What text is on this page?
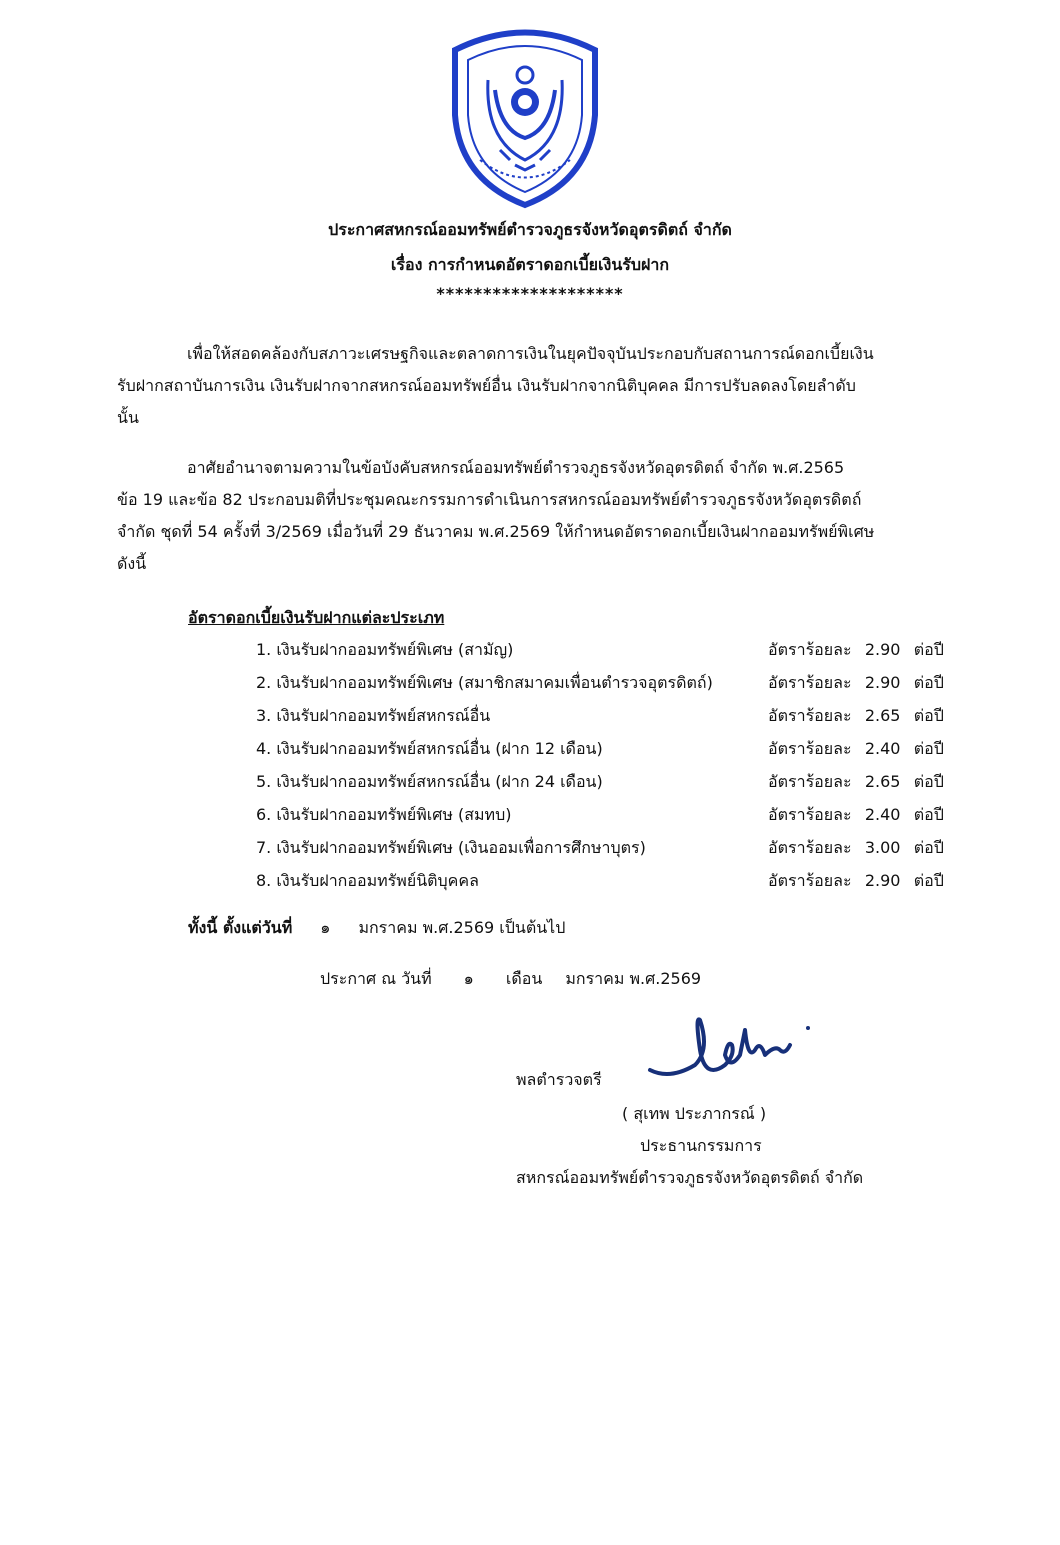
ประกาศสหกรณ์ออมทรัพย์ตำรวจภูธรจังหวัดอุตรดิตถ์ จำกัด
เรื่อง การกำหนดอัตราดอกเบี้ยเงินรับฝาก
********************
เพื่อให้สอดคล้องกับสภาวะเศรษฐกิจและตลาดการเงินในยุคปัจจุบันประกอบกับสถานการณ์ดอกเบี้ยเงิน
รับฝากสถาบันการเงิน เงินรับฝากจากสหกรณ์ออมทรัพย์อื่น เงินรับฝากจากนิติบุคคล มีการปรับลดลงโดยลำดับ
นั้น
อาศัยอำนาจตามความในข้อบังคับสหกรณ์ออมทรัพย์ตำรวจภูธรจังหวัดอุตรดิตถ์ จำกัด พ.ศ.2565
ข้อ 19 และข้อ 82 ประกอบมติที่ประชุมคณะกรรมการดำเนินการสหกรณ์ออมทรัพย์ตำรวจภูธรจังหวัดอุตรดิตถ์
จำกัด ชุดที่ 54 ครั้งที่ 3/2569 เมื่อวันที่ 29 ธันวาคม พ.ศ.2569 ให้กำหนดอัตราดอกเบี้ยเงินฝากออมทรัพย์พิเศษ
ดังนี้
อัตราดอกเบี้ยเงินรับฝากแต่ละประเภท
1. เงินรับฝากออมทรัพย์พิเศษ (สามัญ)	อัตราร้อยละ 2.90 ต่อปี
2. เงินรับฝากออมทรัพย์พิเศษ (สมาชิกสมาคมเพื่อนตำรวจอุตรดิตถ์)	อัตราร้อยละ 2.90 ต่อปี
3. เงินรับฝากออมทรัพย์สหกรณ์อื่น	อัตราร้อยละ 2.65 ต่อปี
4. เงินรับฝากออมทรัพย์สหกรณ์อื่น (ฝาก 12 เดือน)	อัตราร้อยละ 2.40 ต่อปี
5. เงินรับฝากออมทรัพย์สหกรณ์อื่น (ฝาก 24 เดือน)	อัตราร้อยละ 2.65 ต่อปี
6. เงินรับฝากออมทรัพย์พิเศษ (สมทบ)	อัตราร้อยละ 2.40 ต่อปี
7. เงินรับฝากออมทรัพย์พิเศษ (เงินออมเพื่อการศึกษาบุตร)	อัตราร้อยละ 3.00 ต่อปี
8. เงินรับฝากออมทรัพย์นิติบุคคล	อัตราร้อยละ 2.90 ต่อปี
ทั้งนี้ ตั้งแต่วันที่ ๑ มกราคม พ.ศ.2569 เป็นต้นไป
ประกาศ ณ วันที่ ๑ เดือน มกราคม พ.ศ.2569
พลตำรวจตรี
( สุเทพ ประภากรณ์ )
ประธานกรรมการ
สหกรณ์ออมทรัพย์ตำรวจภูธรจังหวัดอุตรดิตถ์ จำกัด
